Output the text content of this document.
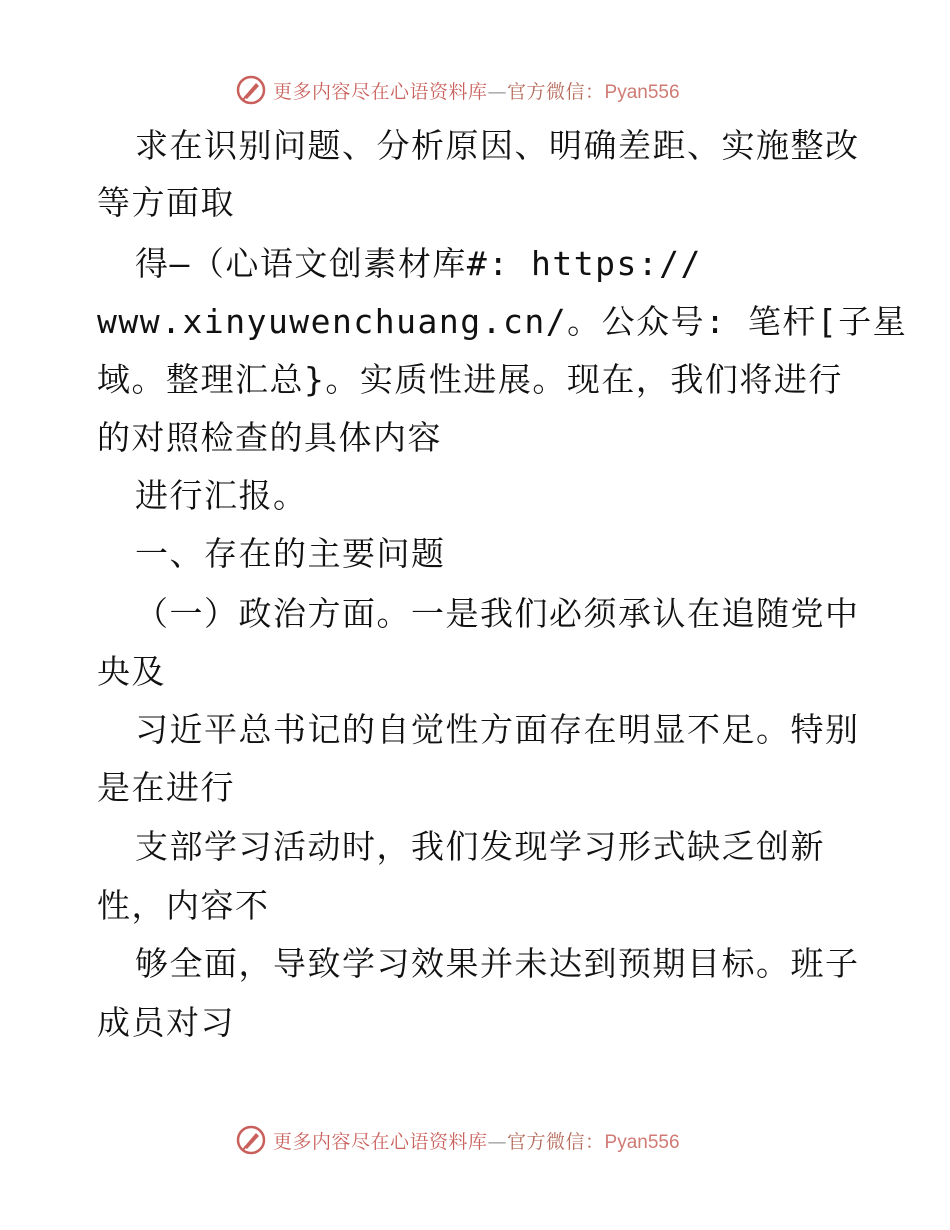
更多内容尽在心语资料库—官方微信：Pyan556
求在识别问题、分析原因、明确差距、实施整改
等方面取
得—（心语文创素材库#: https://
www.xinyuwenchuang.cn/。公众号: 笔杆[子星
域。整理汇总}。实质性进展。现在，我们将进行
的对照检查的具体内容
进行汇报。
一、存在的主要问题
（一）政治方面。一是我们必须承认在追随党中
央及
习近平总书记的自觉性方面存在明显不足。特别
是在进行
支部学习活动时，我们发现学习形式缺乏创新
性，内容不
够全面，导致学习效果并未达到预期目标。班子
成员对习
更多内容尽在心语资料库—官方微信：Pyan556
